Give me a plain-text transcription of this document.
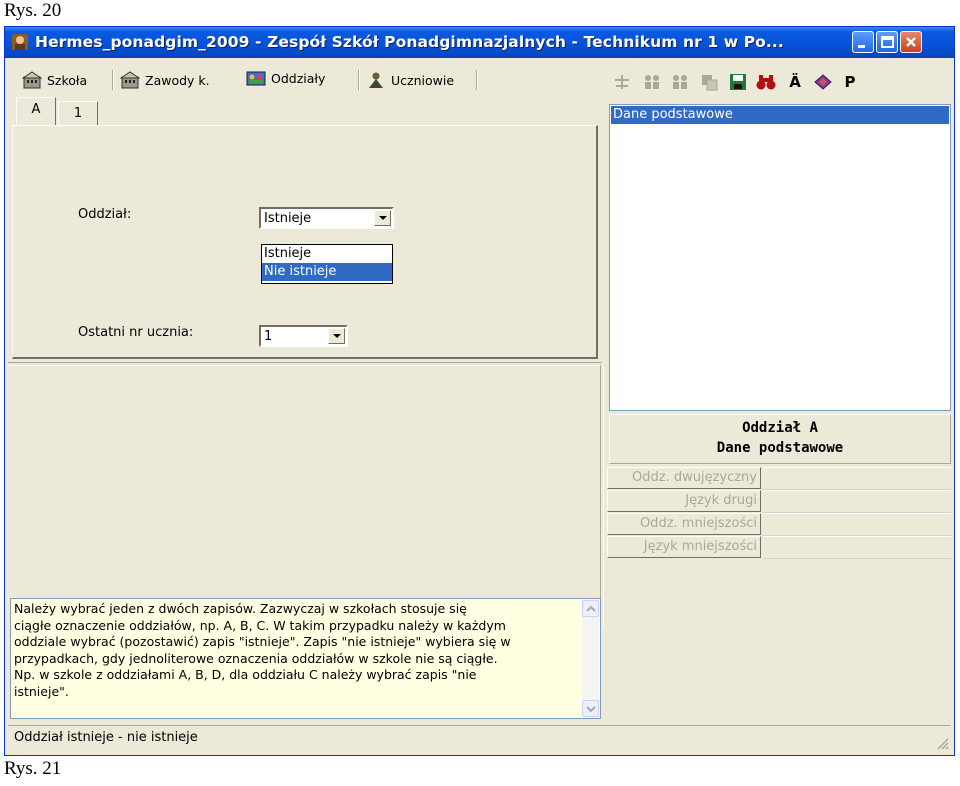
Rys. 20
Hermes_ponadgim_2009 - Zespół Szkół Ponadgimnazjalnych - Technikum nr 1 w Po...
Szkoła	Zawody k.	Oddziały	Uczniowie	Ä	P
A	1
Oddział:	Istnieje
Istnieje
Nie istnieje
Ostatni nr ucznia:	1
Należy wybrać jeden z dwóch zapisów. Zazwyczaj w szkołach stosuje się
ciągłe oznaczenie oddziałów, np. A, B, C. W takim przypadku należy w każdym
oddziale wybrać (pozostawić) zapis "istnieje". Zapis "nie istnieje" wybiera się w
przypadkach, gdy jednoliterowe oznaczenia oddziałów w szkole nie są ciągłe.
Np. w szkole z oddziałami A, B, D, dla oddziału C należy wybrać zapis "nie
istnieje".
Dane podstawowe
Oddział A
Dane podstawowe
Oddz. dwujęzyczny
Język drugi
Oddz. mniejszości
Język mniejszości
Oddział istnieje - nie istnieje
Rys. 21
